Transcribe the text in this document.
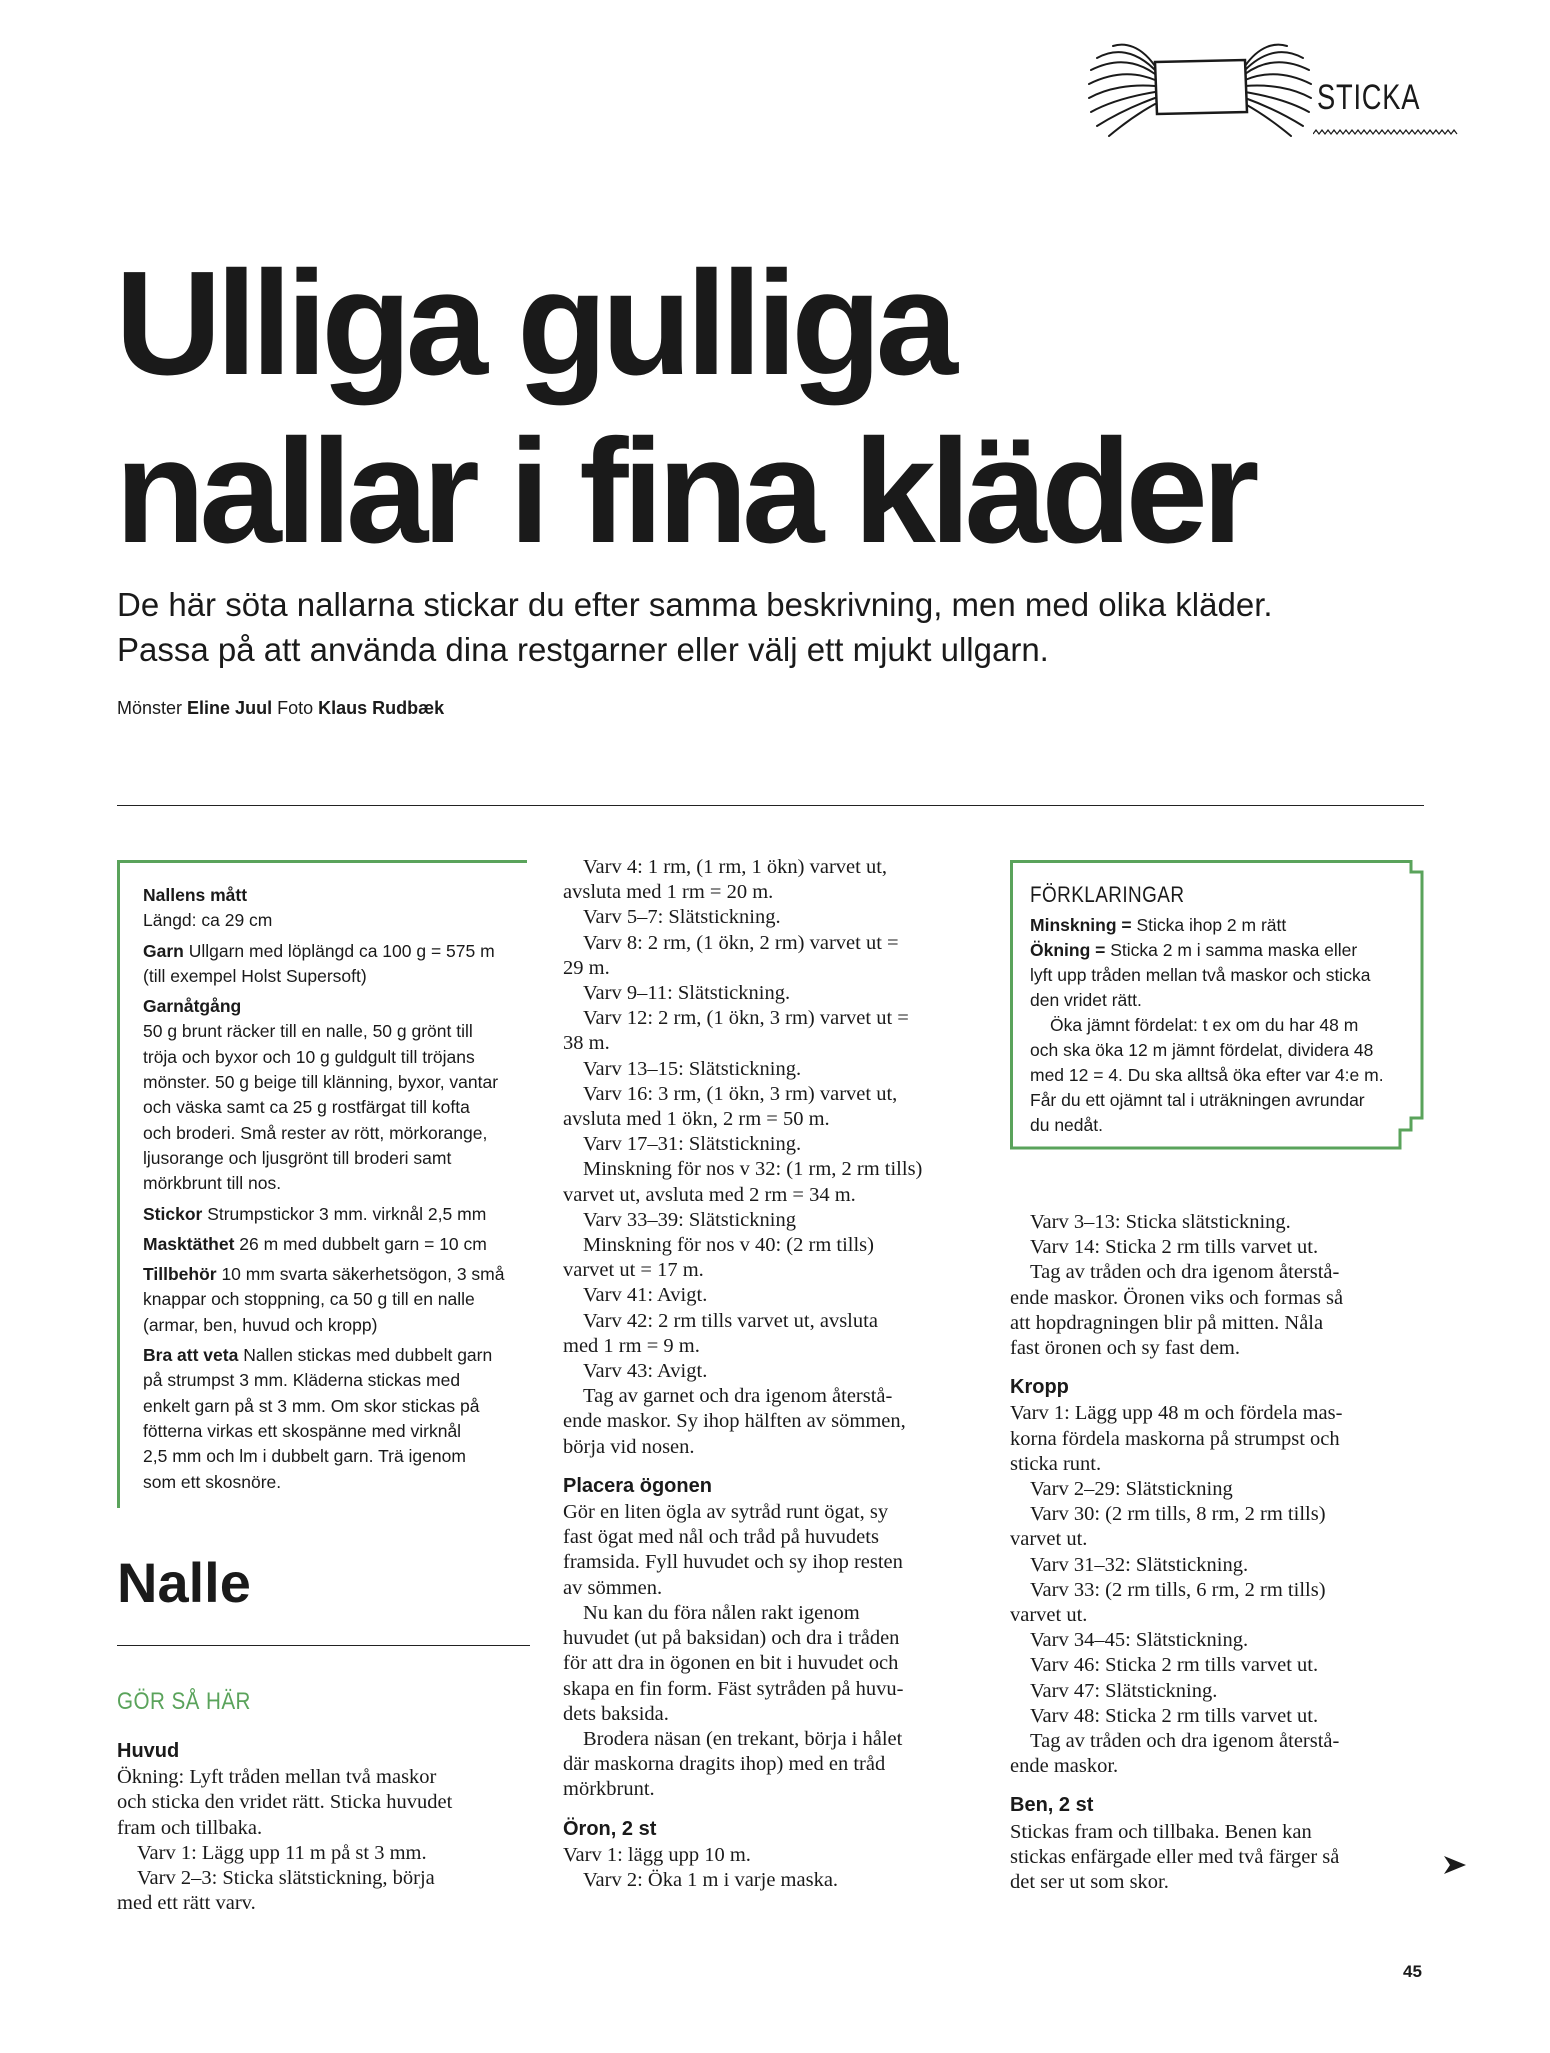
STICKA
Ulliga gulliga
nallar i fina kläder

De här söta nallarna stickar du efter samma beskrivning, men med olika kläder.
Passa på att använda dina restgarner eller välj ett mjukt ullgarn.

Mönster Eline Juul Foto Klaus Rudbæk
Nallens mått
Längd: ca 29 cm
Garn Ullgarn med löplängd ca 100 g = 575 m
(till exempel Holst Supersoft)
Garnåtgång
50 g brunt räcker till en nalle, 50 g grönt till
tröja och byxor och 10 g guldgult till tröjans
mönster. 50 g beige till klänning, byxor, vantar
och väska samt ca 25 g rostfärgat till kofta
och broderi. Små rester av rött, mörkorange,
ljusorange och ljusgrönt till broderi samt
mörkbrunt till nos.
Stickor Strumpstickor 3 mm. virknål 2,5 mm
Masktäthet 26 m med dubbelt garn = 10 cm
Tillbehör 10 mm svarta säkerhetsögon, 3 små
knappar och stoppning, ca 50 g till en nalle
(armar, ben, huvud och kropp)
Bra att veta Nallen stickas med dubbelt garn
på strumpst 3 mm. Kläderna stickas med
enkelt garn på st 3 mm. Om skor stickas på
fötterna virkas ett skospänne med virknål
2,5 mm och lm i dubbelt garn. Trä igenom
som ett skosnöre.
Nalle
GÖR SÅ HÄR
Huvud
Ökning: Lyft tråden mellan två maskor
och sticka den vridet rätt. Sticka huvudet
fram och tillbaka.
Varv 1: Lägg upp 11 m på st 3 mm.
Varv 2–3: Sticka slätstickning, börja
med ett rätt varv.
Varv 4: 1 rm, (1 rm, 1 ökn) varvet ut,
avsluta med 1 rm = 20 m.
Varv 5–7: Slätstickning.
Varv 8: 2 rm, (1 ökn, 2 rm) varvet ut =
29 m.
Varv 9–11: Slätstickning.
Varv 12: 2 rm, (1 ökn, 3 rm) varvet ut =
38 m.
Varv 13–15: Slätstickning.
Varv 16: 3 rm, (1 ökn, 3 rm) varvet ut,
avsluta med 1 ökn, 2 rm = 50 m.
Varv 17–31: Slätstickning.
Minskning för nos v 32: (1 rm, 2 rm tills)
varvet ut, avsluta med 2 rm = 34 m.
Varv 33–39: Slätstickning
Minskning för nos v 40: (2 rm tills)
varvet ut = 17 m.
Varv 41: Avigt.
Varv 42: 2 rm tills varvet ut, avsluta
med 1 rm = 9 m.
Varv 43: Avigt.
Tag av garnet och dra igenom återstå-
ende maskor. Sy ihop hälften av sömmen,
börja vid nosen.
Placera ögonen
Gör en liten ögla av sytråd runt ögat, sy
fast ögat med nål och tråd på huvudets
framsida. Fyll huvudet och sy ihop resten
av sömmen.
Nu kan du föra nålen rakt igenom
huvudet (ut på baksidan) och dra i tråden
för att dra in ögonen en bit i huvudet och
skapa en fin form. Fäst sytråden på huvu-
dets baksida.
Brodera näsan (en trekant, börja i hålet
där maskorna dragits ihop) med en tråd
mörkbrunt.
Öron, 2 st
Varv 1: lägg upp 10 m.
Varv 2: Öka 1 m i varje maska.
Varv 3–13: Sticka slätstickning.
Varv 14: Sticka 2 rm tills varvet ut.
Tag av tråden och dra igenom återstå-
ende maskor. Öronen viks och formas så
att hopdragningen blir på mitten. Nåla
fast öronen och sy fast dem.
Kropp
Varv 1: Lägg upp 48 m och fördela mas-
korna fördela maskorna på strumpst och
sticka runt.
Varv 2–29: Slätstickning
Varv 30: (2 rm tills, 8 rm, 2 rm tills)
varvet ut.
Varv 31–32: Slätstickning.
Varv 33: (2 rm tills, 6 rm, 2 rm tills)
varvet ut.
Varv 34–45: Slätstickning.
Varv 46: Sticka 2 rm tills varvet ut.
Varv 47: Slätstickning.
Varv 48: Sticka 2 rm tills varvet ut.
Tag av tråden och dra igenom återstå-
ende maskor.
Ben, 2 st
Stickas fram och tillbaka. Benen kan
stickas enfärgade eller med två färger så
det ser ut som skor.
FÖRKLARINGAR
Minskning = Sticka ihop 2 m rätt
Ökning = Sticka 2 m i samma maska eller
lyft upp tråden mellan två maskor och sticka
den vridet rätt.
Öka jämnt fördelat: t ex om du har 48 m
och ska öka 12 m jämnt fördelat, dividera 48
med 12 = 4. Du ska alltså öka efter var 4:e m.
Får du ett ojämnt tal i uträkningen avrundar
du nedåt.
45
